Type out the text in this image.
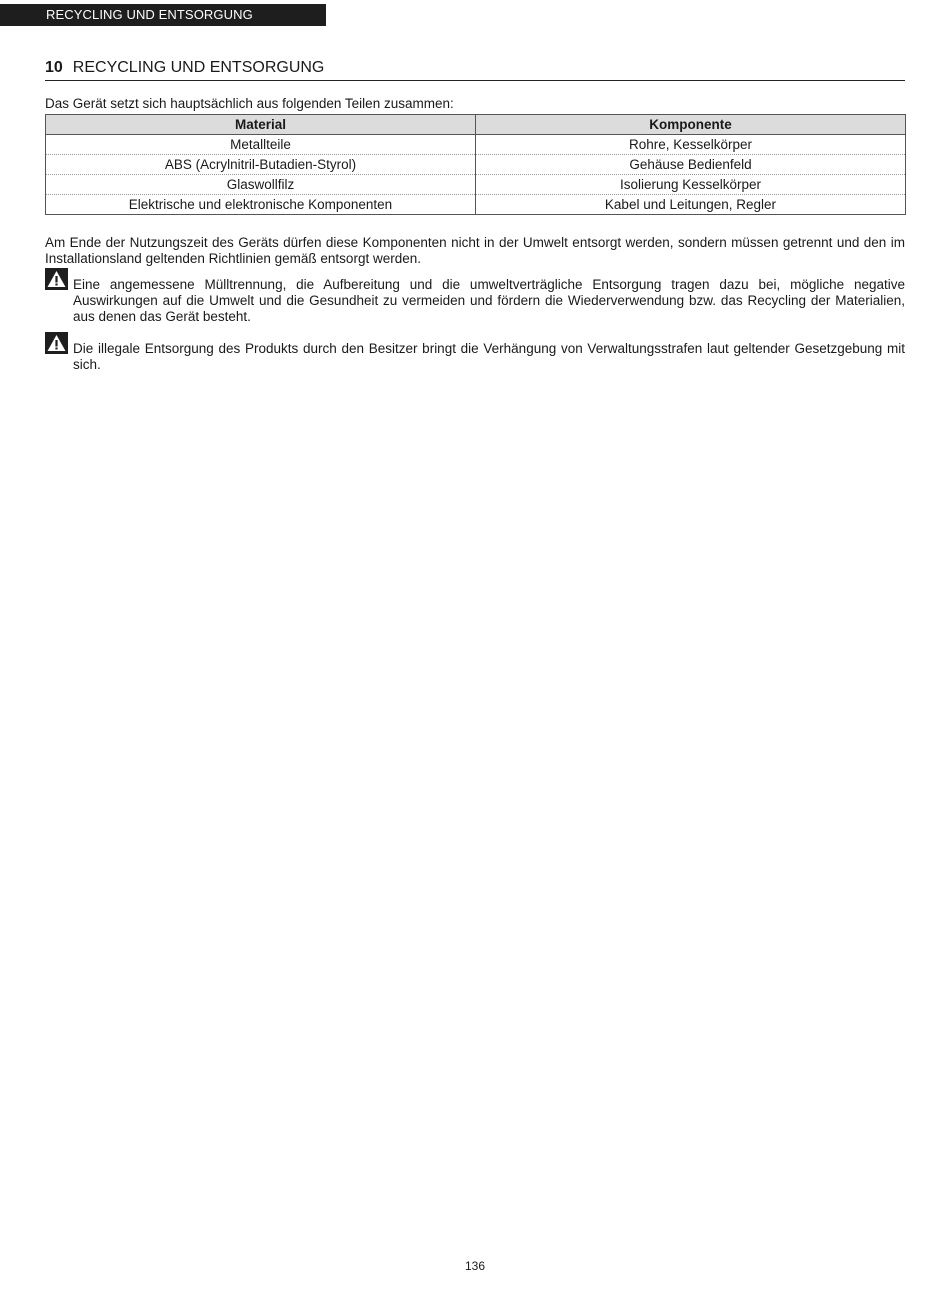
RECYCLING UND ENTSORGUNG
10 RECYCLING UND ENTSORGUNG
Das Gerät setzt sich hauptsächlich aus folgenden Teilen zusammen:
Material	Komponente
Metallteile	Rohre, Kesselkörper
ABS (Acrylnitril-Butadien-Styrol)	Gehäuse Bedienfeld
Glaswollfilz	Isolierung Kesselkörper
Elektrische und elektronische Komponenten	Kabel und Leitungen, Regler

Am Ende der Nutzungszeit des Geräts dürfen diese Komponenten nicht in der Umwelt entsorgt werden, sondern müssen getrennt und den im Installationsland geltenden Richtlinien gemäß entsorgt werden.

Eine angemessene Mülltrennung, die Aufbereitung und die umweltverträgliche Entsorgung tragen dazu bei, mögliche negative Auswirkungen auf die Umwelt und die Gesundheit zu vermeiden und fördern die Wiederverwendung bzw. das Recycling der Materialien, aus denen das Gerät besteht.

Die illegale Entsorgung des Produkts durch den Besitzer bringt die Verhängung von Verwaltungsstrafen laut geltender Gesetzgebung mit sich.

136
